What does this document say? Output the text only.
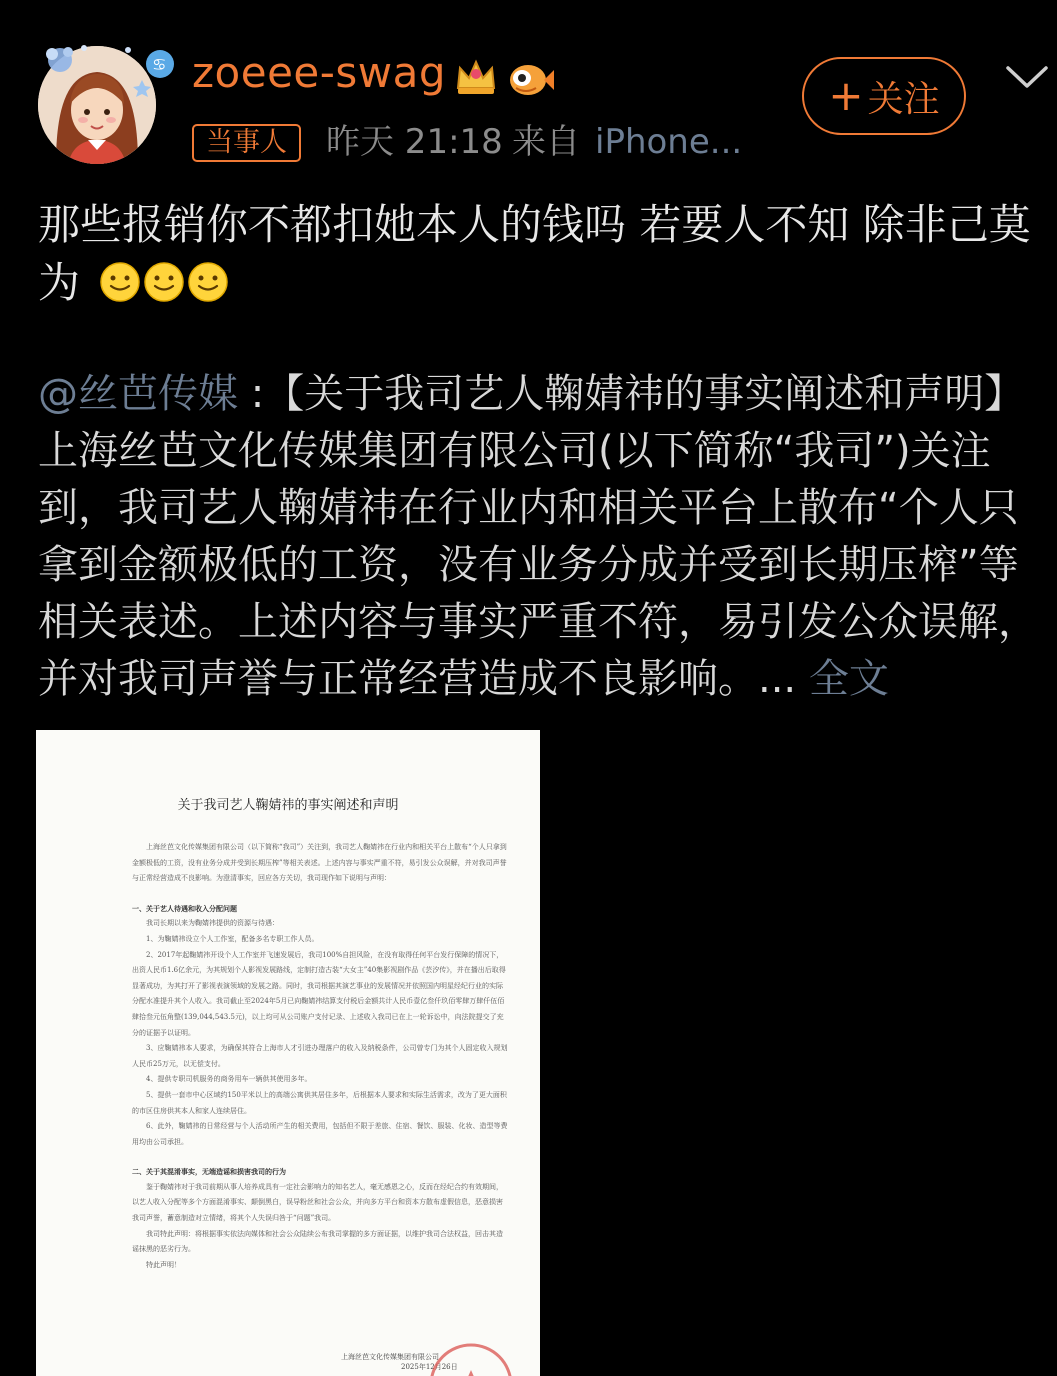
♋ zoeee-swag
当事人	昨天 21:18 来自 iPhone...
+ 关注
那些报销你不都扣她本人的钱吗 若要人不知 除非己莫为
@丝芭传媒 :【关于我司艺人鞠婧祎的事实阐述和声明】上海丝芭文化传媒集团有限公司(以下简称“我司”)关注到，我司艺人鞠婧祎在行业内和相关平台上散布“个人只拿到金额极低的工资，没有业务分成并受到长期压榨”等相关表述。上述内容与事实严重不符，易引发公众误解，并对我司声誉与正常经营造成不良影响。... 全文
关于我司艺人鞠婧祎的事实阐述和声明

上海丝芭文化传媒集团有限公司（以下简称“我司”）关注到，我司艺人鞠婧祎在行业内和相关平台上散布“个人只拿到金额极低的工资，没有业务分成并受到长期压榨”等相关表述。上述内容与事实严重不符，易引发公众误解，并对我司声誉与正常经营造成不良影响。为澄清事实，回应各方关切，我司现作如下说明与声明：

一、关于艺人待遇和收入分配问题

我司长期以来为鞠婧祎提供的资源与待遇：

1、为鞠婧祎设立个人工作室，配备多名专职工作人员。

2、2017年起鞠婧祎开设个人工作室并飞速发展后，我司100%自担风险，在没有取得任何平台发行保障的情况下，出资人民币1.6亿余元，为其规划个人影视发展路线，定制打造古装“大女主”40集影视剧作品《芸汐传》，并在播出后取得显著成功，为其打开了影视表演领域的发展之路。同时，我司根据其演艺事业的发展情况并依照国内明星经纪行业的实际分配水准提升其个人收入。我司截止至2024年5月已向鞠婧祎结算支付税后金额共计人民币壹亿叁仟玖佰零肆万肆仟伍佰肆拾叁元伍角整(139,044,543.5元)，以上均可从公司账户支付记录、上述收入我司已在上一轮诉讼中，向法院提交了充分的证据予以证明。

3、应鞠婧祎本人要求，为确保其符合上海市人才引进办理落户的收入及纳税条件，公司曾专门为其个人固定收入规划人民币25万元，以无偿支付。

4、提供专职司机服务的商务用车一辆供其使用多年。

5、提供一套市中心区域约150平米以上的高端公寓供其居住多年，后根据本人要求和实际生活需求，改为了更大面积的市区住房供其本人和家人连续居住。

6、此外，鞠婧祎的日常经营与个人活动所产生的相关费用，包括但不限于差旅、住宿、餐饮、服装、化妆、造型等费用均由公司承担。

二、关于其混淆事实，无端造谣和损害我司的行为

鉴于鞠婧祎对于我司前期从事人培养成具有一定社会影响力的知名艺人，毫无感恩之心，反而在经纪合约有效期间，以艺人收入分配等多个方面混淆事实、颠倒黑白，误导粉丝和社会公众，并向多方平台和资本方散布虚假信息，恶意损害我司声誉，蓄意制造对立情绪，将其个人失误归咎于“问题”我司。

我司特此声明：将根据事实依法向媒体和社会公众陆续公布我司掌握的多方面证据，以维护我司合法权益，回击其造谣抹黑的恶劣行为。

特此声明！

上海丝芭文化传媒集团有限公司
2025年12月26日
